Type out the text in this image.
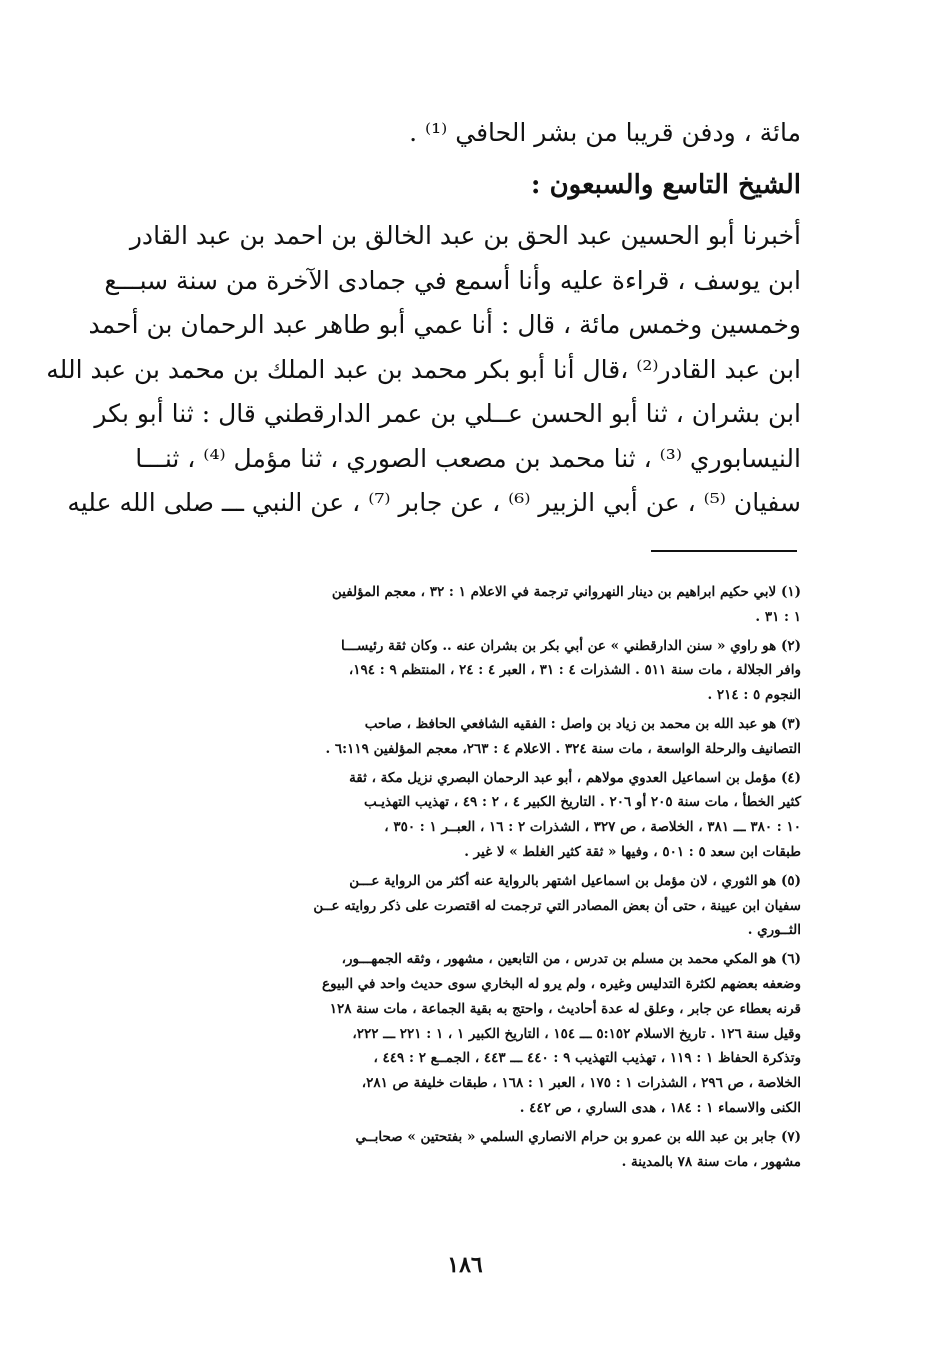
مائة ، ودفن قريبا من بشر الحافي ⁽¹⁾ .

الشيخ التاسع والسبعون :

أخبرنا أبو الحسين عبد الحق بن عبد الخالق بن احمد بن عبد القادر

ابن يوسف ، قراءة عليه وأنا أسمع في جمادى الآخرة من سنة سبـــع

وخمسين وخمس مائة ، قال : أنا عمي أبو طاهر عبد الرحمان بن أحمد

ابن عبد القادر⁽²⁾ ،قال أنا أبو بكر محمد بن عبد الملك بن محمد بن عبد الله

ابن بشران ، ثنا أبو الحسن عــلي بن عمر الدارقطني قال : ثنا أبو بكر

النيسابوري ⁽³⁾ ، ثنا محمد بن مصعب الصوري ، ثنا مؤمل ⁽⁴⁾ ، ثنـــا

سفيان ⁽⁵⁾ ، عن أبي الزبير ⁽⁶⁾ ، عن جابر ⁽⁷⁾ ، عن النبي ـــ صلى الله عليه

(١) لابي حكيم ابراهيم بن دينار النهرواني ترجمة في الاعلام ١ : ٣٢ ، معجم المؤلفين

١ : ٣١ .

(٢) هو راوي « سنن الدارقطني » عن أبي بكر بن بشران عنه .. وكان ثقة رئيســـا

وافر الجلالة ، مات سنة ٥١١ . الشذرات ٤ : ٣١ ، العبر ٤ : ٢٤ ، المنتظم ٩ : ١٩٤،

النجوم ٥ : ٢١٤ .

(٣) هو عبد الله بن محمد بن زياد بن واصل : الفقيه الشافعي الحافظ ، صاحب

التصانيف والرحلة الواسعة ، مات سنة ٣٢٤ . الاعلام ٤ : ٢٦٣، معجم المؤلفين ٦:١١٩ .

(٤) مؤمل بن اسماعيل العدوي مولاهم ، أبو عبد الرحمان البصري نزيل مكة ، ثقة

كثير الخطأ ، مات سنة ٢٠٥ أو ٢٠٦ . التاريخ الكبير ٤ ، ٢ : ٤٩ ، تهذيب التهذيـب

١٠ : ٣٨٠ ـــ ٣٨١ ، الخلاصة ، ص ٣٢٧ ، الشذرات ٢ : ١٦ ، العبــر ١ : ٣٥٠ ،

طبقات ابن سعد ٥ : ٥٠١ ، وفيها « ثقة كثير الغلط » لا غير .

(٥) هو الثوري ، لان مؤمل بن اسماعيل اشتهر بالرواية عنه أكثر من الرواية عـــن

سفيان ابن عيينة ، حتى أن بعض المصادر التي ترجمت له اقتصرت على ذكر روايته عــن

الثــوري .

(٦) هو المكي محمد بن مسلم بن تدرس ، من التابعين ، مشهور ، وثقه الجمهـــور،

وضعفه بعضهم لكثرة التدليس وغيره ، ولم يرو له البخاري سوى حديث واحد في البيوع

قرنه بعطاء عن جابر ، وعلق له عدة أحاديث ، واحتج به بقية الجماعة ، مات سنة ١٢٨

وقيل سنة ١٢٦ . تاريخ الاسلام ٥:١٥٢ ـــ ١٥٤ ، التاريخ الكبير ١ ، ١ : ٢٢١ ـــ ٢٢٢،

وتذكرة الحفاظ ١ : ١١٩ ، تهذيب التهذيب ٩ : ٤٤٠ ـــ ٤٤٣ ، الجمــع ٢ : ٤٤٩ ،

الخلاصة ، ص ٢٩٦ ، الشذرات ١ : ١٧٥ ، العبر ١ : ١٦٨ ، طبقات خليفة ص ٢٨١،

الكنى والاسماء ١ : ١٨٤ ، هدى الساري ، ص ٤٤٢ .

(٧) جابر بن عبد الله بن عمرو بن حرام الانصاري السلمي « بفتحتين » صحابــي

مشهور ، مات سنة ٧٨ بالمدينة .

١٨٦
